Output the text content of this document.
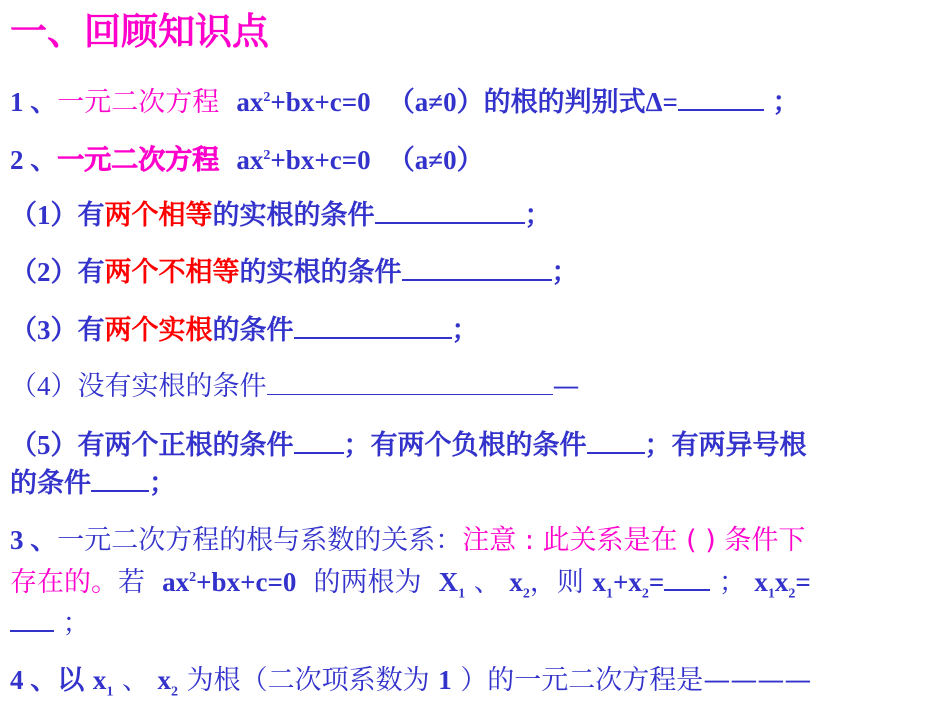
一、回顾知识点
1 、一元二次方程 $ax^2+bx+c=0$ （a≠0）的根的判别式Δ=	；
2 、一元二次方程 $ax^2+bx+c=0$ （a≠0）
（1）有两个相等的实根的条件	；
（2）有两个不相等的实根的条件	；
（3）有两个实根的条件	；
（4）没有实根的条件	—
（5）有两个正根的条件 ；有两个负根的条件 ；有两异号根
的条件 ；
3 、一元二次方程的根与系数的关系：注意 : 此关系是在 ( ) 条件下
存在的。若 $ax^2+bx+c=0$ 的两根为 $X_1$ 、 $x_2$，则 $x_1+x_2=$ ； $x_1x_2=$
；
4 、以 $x_1$ 、 $x_2$ 为根（二次项系数为 1 ）的一元二次方程是————
